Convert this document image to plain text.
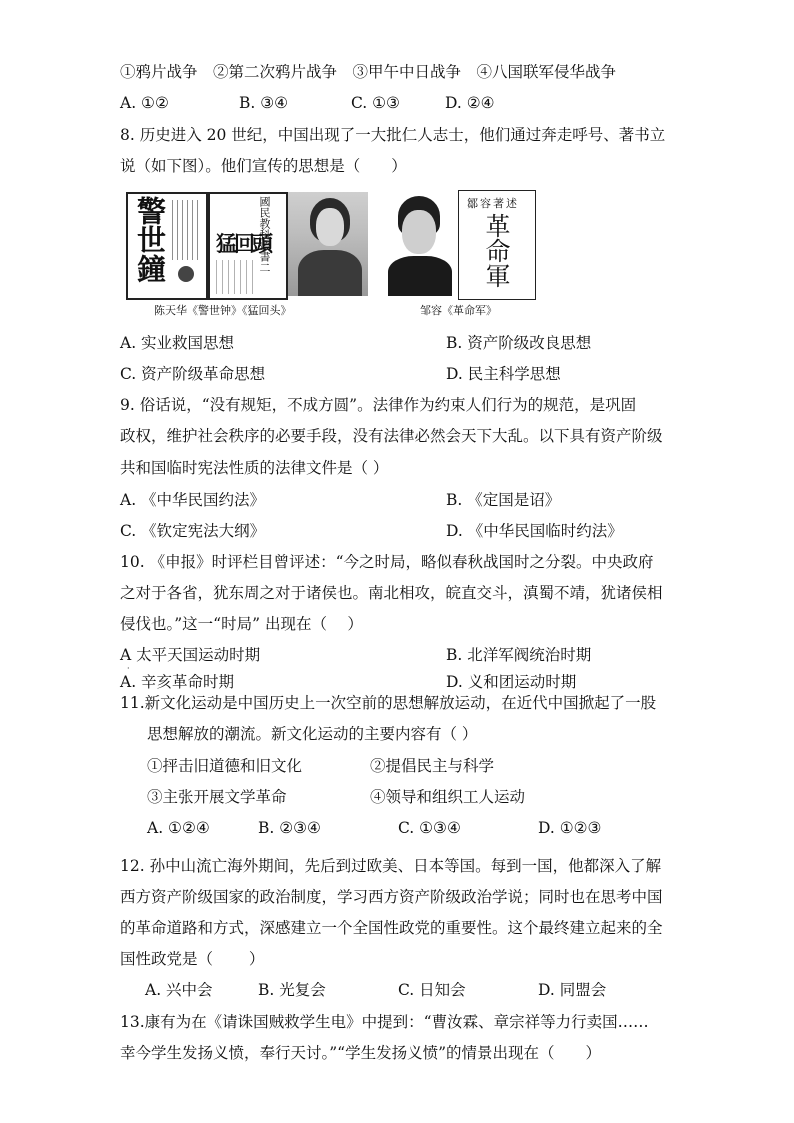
①鸦片战争　②第二次鸦片战争　③甲午中日战争　④八国联军侵华战争
A. ①②	B. ③④	C. ①③	D. ②④
8. 历史进入 20 世纪，中国出现了一大批仁人志士，他们通过奔走呼号、著书立
说（如下图）。他们宣传的思想是（　　）
警世鐘	國民教科叢書二
猛回頭
鄒容著述
革命軍
陈天华《警世钟》《猛回头》	邹容《革命军》
A. 实业救国思想	B. 资产阶级改良思想
C. 资产阶级革命思想	D. 民主科学思想
9. 俗话说，“没有规矩，不成方圆”。法律作为约束人们行为的规范，是巩固
政权，维护社会秩序的必要手段，没有法律必然会天下大乱。以下具有资产阶级
共和国临时宪法性质的法律文件是（ ）
A. 《中华民国约法》	B. 《定国是诏》
C. 《钦定宪法大纲》	D. 《中华民国临时约法》
10. 《申报》时评栏目曾评述：“今之时局，略似春秋战国时之分裂。中央政府
之对于各省，犹东周之对于诸侯也。南北相攻，皖直交斗，滇蜀不靖，犹诸侯相
侵伐也。”这一“时局” 出现在（　 ）
A 太平天国运动时期	B. 北洋军阀统治时期
·
A. 辛亥革命时期	D. 义和团运动时期
11.新文化运动是中国历史上一次空前的思想解放运动，在近代中国掀起了一股
思想解放的潮流。新文化运动的主要内容有（ ）
①抨击旧道德和旧文化	②提倡民主与科学
③主张开展文学革命	④领导和组织工人运动
A. ①②④	B. ②③④	C. ①③④	D. ①②③
12. 孙中山流亡海外期间，先后到过欧美、日本等国。每到一国，他都深入了解
西方资产阶级国家的政治制度，学习西方资产阶级政治学说；同时也在思考中国
的革命道路和方式，深感建立一个全国性政党的重要性。这个最终建立起来的全
国性政党是（　　 ）
A. 兴中会	B. 光复会	C. 日知会	D. 同盟会
13.康有为在《请诛国贼救学生电》中提到：“曹汝霖、章宗祥等力行卖国……
幸今学生发扬义愤，奉行天讨。”“学生发扬义愤”的情景出现在（　　）
